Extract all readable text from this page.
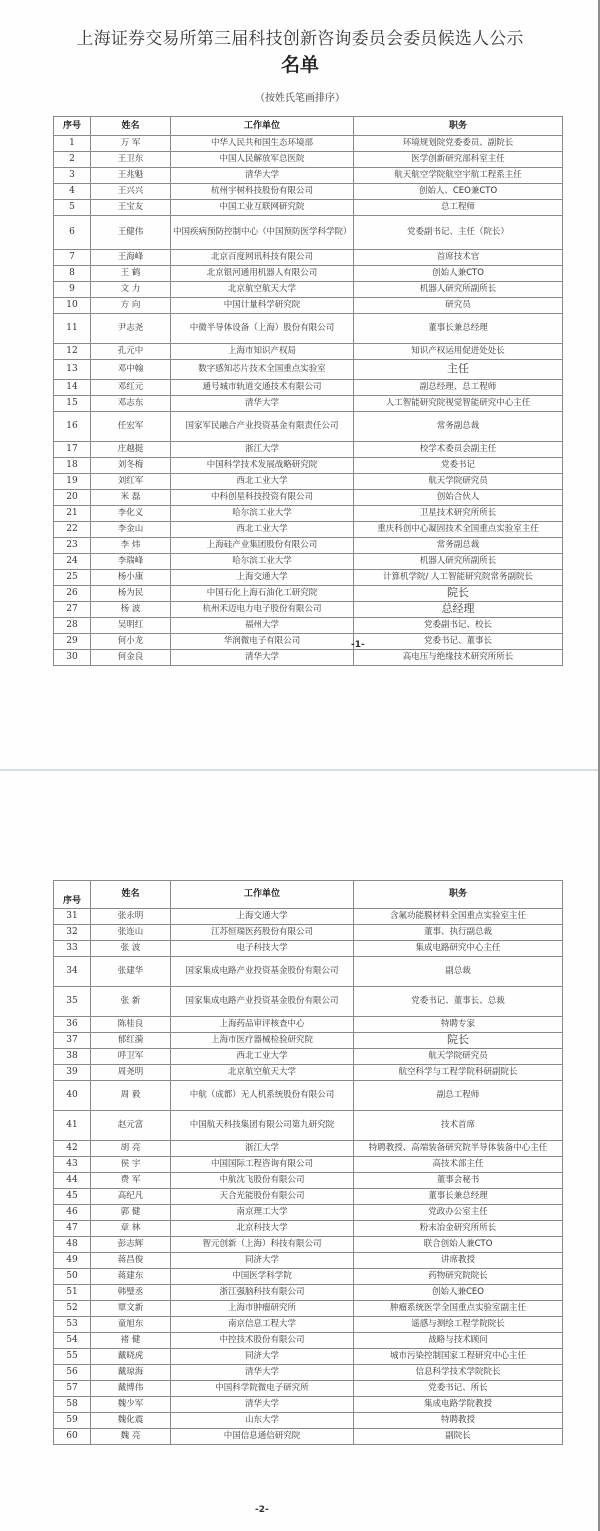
上海证券交易所第三届科技创新咨询委员会委员候选人公示
名单
（按姓氏笔画排序）
序号	姓名	工作单位	职务
1	万 军	中华人民共和国生态环境部	环境规划院党委委员、副院长
2	王卫东	中国人民解放军总医院	医学创新研究部科室主任
3	王兆魁	清华大学	航天航空学院航空宇航工程系主任
4	王兴兴	杭州宇树科技股份有限公司	创始人、CEO兼CTO
5	王宝友	中国工业互联网研究院	总工程师
6	王健伟	中国疾病预防控制中心（中国预防医学科学院）	党委副书记、主任（院长）
7	王海峰	北京百度网讯科技有限公司	首席技术官
8	王 鹤	北京银河通用机器人有限公司	创始人兼CTO
9	文 力	北京航空航天大学	机器人研究所副所长
10	方 向	中国计量科学研究院	研究员
11	尹志尧	中微半导体设备（上海）股份有限公司	董事长兼总经理
12	孔元中	上海市知识产权局	知识产权运用促进处处长
13	邓中翰	数字感知芯片技术全国重点实验室	主任
14	邓红元	通号城市轨道交通技术有限公司	副总经理、总工程师
15	邓志东	清华大学	人工智能研究院视觉智能研究中心主任
16	任宏军	国家军民融合产业投资基金有限责任公司	常务副总裁
17	庄越挺	浙江大学	校学术委员会副主任
18	刘冬梅	中国科学技术发展战略研究院	党委书记
19	刘红军	西北工业大学	航天学院研究员
20	米 磊	中科创星科技投资有限公司	创始合伙人
21	李化义	哈尔滨工业大学	卫星技术研究所所长
22	李金山	西北工业大学	重庆科创中心凝固技术全国重点实验室主任
23	李 炜	上海硅产业集团股份有限公司	常务副总裁
24	李瑞峰	哈尔滨工业大学	机器人研究所副所长
25	杨小康	上海交通大学	计算机学院/ 人工智能研究院常务副院长
26	杨为民	中国石化上海石油化工研究院	院长
27	杨 波	杭州禾迈电力电子股份有限公司	总经理
28	吴明红	福州大学	党委副书记、校长
29	何小龙	华润微电子有限公司	党委书记、董事长
30	何金良	清华大学	高电压与绝缘技术研究所所长
-1-
序号	姓名	工作单位	职务
31	张永明	上海交通大学	含氟功能膜材料全国重点实验室主任
32	张连山	江苏恒瑞医药股份有限公司	董事、执行副总裁
33	张 波	电子科技大学	集成电路研究中心主任
34	张建华	国家集成电路产业投资基金股份有限公司	副总裁
35	张 新	国家集成电路产业投资基金股份有限公司	党委书记、董事长、总裁
36	陈桂良	上海药品审评核查中心	特聘专家
37	郁红漪	上海市医疗器械检验研究院	院长
38	呼卫军	西北工业大学	航天学院研究员
39	周尧明	北京航空航天大学	航空科学与工程学院科研副院长
40	周 毅	中航（成都）无人机系统股份有限公司	副总工程师
41	赵元富	中国航天科技集团有限公司第九研究院	技术首席
42	胡 亮	浙江大学	特聘教授、高端装备研究院半导体装备中心主任
43	侯 宇	中国国际工程咨询有限公司	高技术部主任
44	费 军	中航沈飞股份有限公司	董事会秘书
45	高纪凡	天合光能股份有限公司	董事长兼总经理
46	郭 健	南京理工大学	党政办公室主任
47	章 林	北京科技大学	粉末冶金研究所所长
48	彭志辉	智元创新（上海）科技有限公司	联合创始人兼CTO
49	蒋昌俊	同济大学	讲席教授
50	蒋建东	中国医学科学院	药物研究院院长
51	韩璧丞	浙江强脑科技有限公司	创始人兼CEO
52	覃文新	上海市肿瘤研究所	肿瘤系统医学全国重点实验室副主任
53	童旭东	南京信息工程大学	遥感与测绘工程学院院长
54	褚 健	中控技术股份有限公司	战略与技术顾问
55	戴晓虎	同济大学	城市污染控制国家工程研究中心主任
56	戴琼海	清华大学	信息科学技术学院院长
57	戴博伟	中国科学院微电子研究所	党委书记、所长
58	魏少军	清华大学	集成电路学院教授
59	魏化震	山东大学	特聘教授
60	魏 亮	中国信息通信研究院	副院长
-2-
